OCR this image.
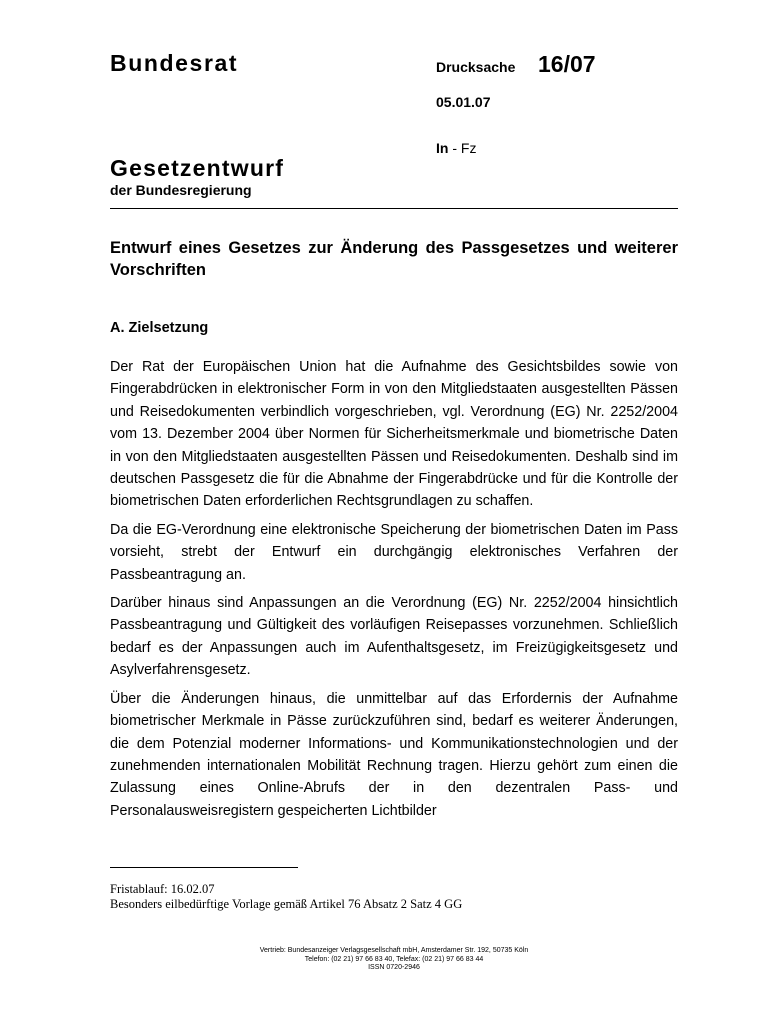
Bundesrat	Drucksache 16/07
05.01.07
In - Fz
Gesetzentwurf
der Bundesregierung
Entwurf eines Gesetzes zur Änderung des Passgesetzes und weiterer Vorschriften
A. Zielsetzung

Der Rat der Europäischen Union hat die Aufnahme des Gesichtsbildes sowie von Fingerabdrücken in elektronischer Form in von den Mitgliedstaaten ausgestellten Pässen und Reisedokumenten verbindlich vorgeschrieben, vgl. Verordnung (EG) Nr. 2252/2004 vom 13. Dezember 2004 über Normen für Sicherheitsmerkmale und biometrische Daten in von den Mitgliedstaaten ausgestellten Pässen und Reisedokumenten. Deshalb sind im deutschen Passgesetz die für die Abnahme der Fingerabdrücke und für die Kontrolle der biometrischen Daten erforderlichen Rechtsgrundlagen zu schaffen.

Da die EG-Verordnung eine elektronische Speicherung der biometrischen Daten im Pass vorsieht, strebt der Entwurf ein durchgängig elektronisches Verfahren der Passbeantragung an.

Darüber hinaus sind Anpassungen an die Verordnung (EG) Nr. 2252/2004 hinsichtlich Passbeantragung und Gültigkeit des vorläufigen Reisepasses vorzunehmen. Schließlich bedarf es der Anpassungen auch im Aufenthaltsgesetz, im Freizügigkeitsgesetz und Asylverfahrensgesetz.

Über die Änderungen hinaus, die unmittelbar auf das Erfordernis der Aufnahme biometrischer Merkmale in Pässe zurückzuführen sind, bedarf es weiterer Änderungen, die dem Potenzial moderner Informations- und Kommunikationstechnologien und der zunehmenden internationalen Mobilität Rechnung tragen. Hierzu gehört zum einen die Zulassung eines Online-Abrufs der in den dezentralen Pass- und Personalausweisregistern gespeicherten Lichtbilder

Fristablauf: 16.02.07
Besonders eilbedürftige Vorlage gemäß Artikel 76 Absatz 2 Satz 4 GG
Vertrieb: Bundesanzeiger Verlagsgesellschaft mbH, Amsterdamer Str. 192, 50735 Köln
Telefon: (02 21) 97 66 83 40, Telefax: (02 21) 97 66 83 44
ISSN 0720-2946
